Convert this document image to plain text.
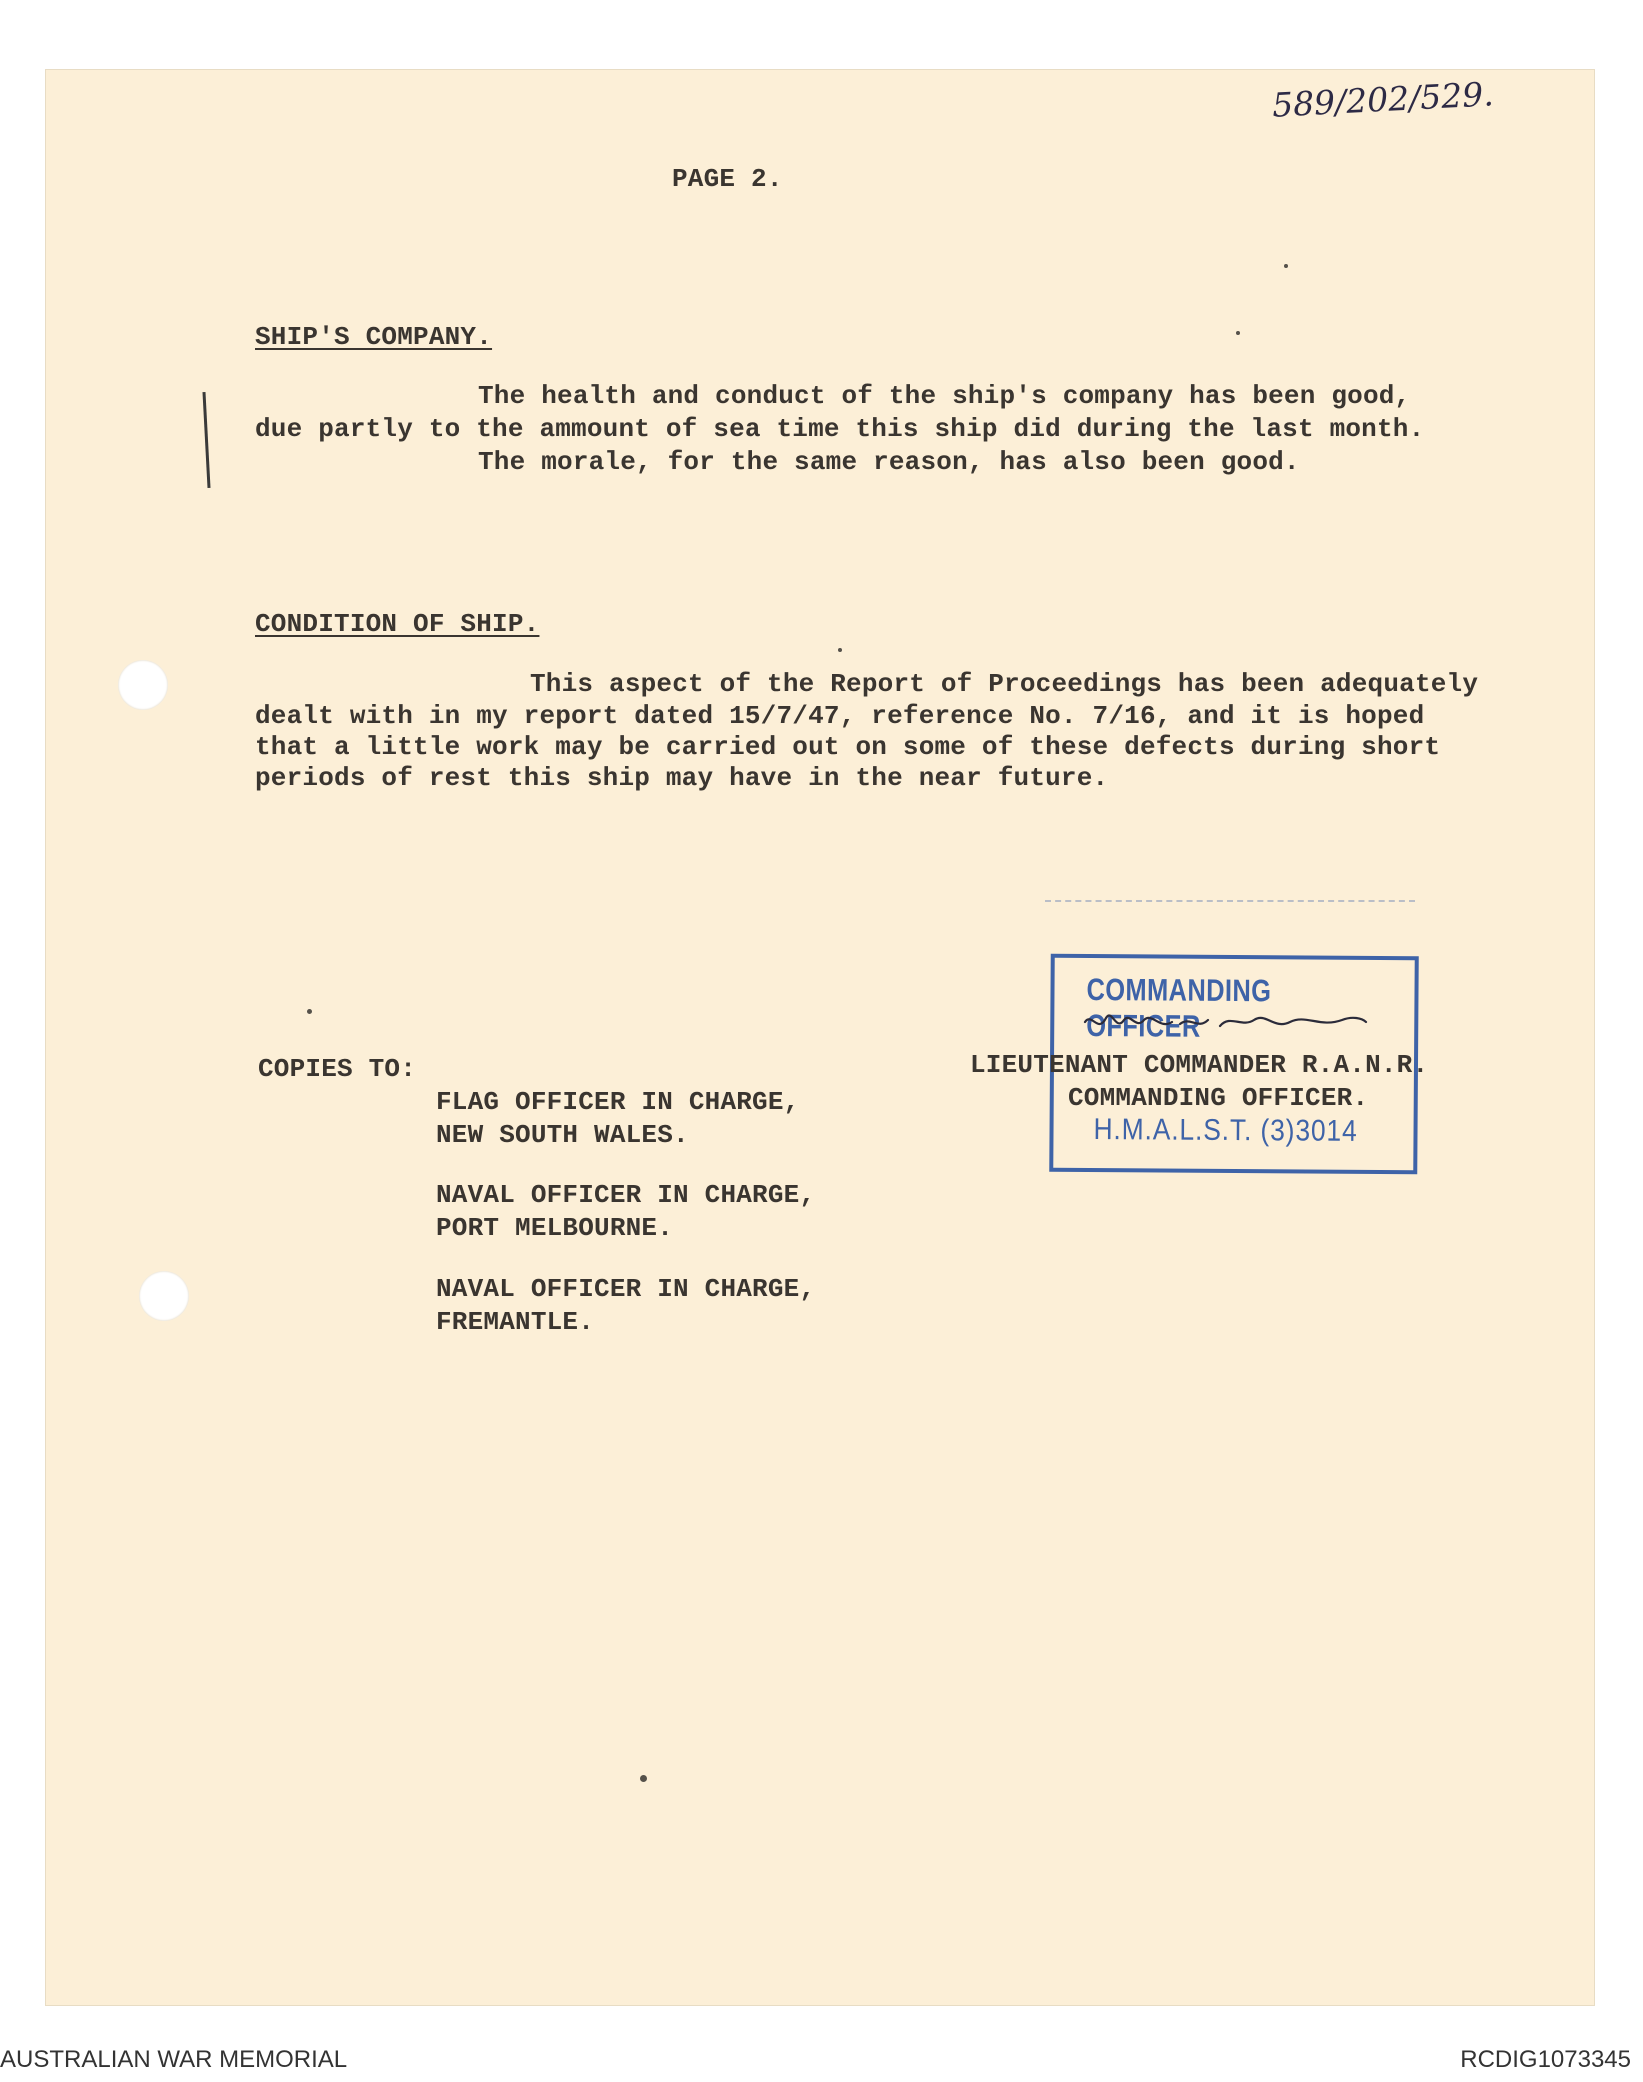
589/202/529.
PAGE 2.
SHIP'S COMPANY.
The health and conduct of the ship's company has been good,
due partly to the ammount of sea time this ship did during the last month.
The morale, for the same reason, has also been good.
CONDITION OF SHIP.
This aspect of the Report of Proceedings has been adequately
dealt with in my report dated 15/7/47, reference No. 7/16, and it is hoped
that a little work may be carried out on some of these defects during short
periods of rest this ship may have in the near future.
COPIES TO:
FLAG OFFICER IN CHARGE,
NEW SOUTH WALES.
NAVAL OFFICER IN CHARGE,
PORT MELBOURNE.
NAVAL OFFICER IN CHARGE,
FREMANTLE.
COMMANDING OFFICER
H.M.A.L.S.T. (3)3014
LIEUTENANT COMMANDER R.A.N.R.
COMMANDING OFFICER.
AUSTRALIAN WAR MEMORIAL	RCDIG1073345
